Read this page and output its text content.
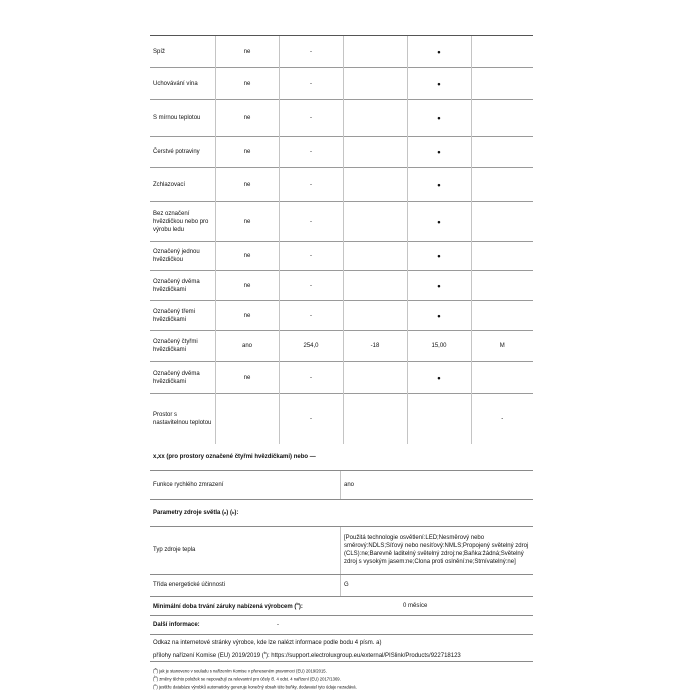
Spíž	ne	-		•	
Uchovávání vína	ne	-		•	
S mírnou teplotou	ne	-		•	
Čerstvé potraviny	ne	-		•	
Zchlazovací	ne	-		•	
Bez označení hvězdičkou nebo pro výrobu ledu	ne	-		•	
Označený jednou hvězdičkou	ne	-		•	
Označený dvěma hvězdičkami	ne	-		•	
Označený třemi hvězdičkami	ne	-		•	
Označený čtyřmi hvězdičkami	ano	254,0	-18	15,00	M
Označený dvěma hvězdičkami	ne	-		•	
Prostor s nastavitelnou teplotou		-			-
x,xx (pro prostory označené čtyřmi hvězdičkami) nebo —
Funkce rychlého zmrazení	ano
Parametry zdroje světla ( a ) ( b ):
Typ zdroje tepla
[Použitá technologie osvětlení:LED;Nesměrový nebo směrový:NDLS;Síťový nebo nesíťový:NMLS;Propojený světelný zdroj (CLS):ne;Barevně laditelný světelný zdroj:ne;Baňka:žádná;Světelný zdroj s vysokým jasem:ne;Clona proti oslnění:ne;Stmívatelný:ne]
Třída energetické účinnosti	G
Minimální doba trvání záruky nabízená výrobcem ($^b$):	0 měsíce
Další informace:	-
Odkaz na internetové stránky výrobce, kde lze nalézt informace podle bodu 4 písm. a)
přílohy nařízení Komise (EU) 2019/2019 ($^b$): https://support.electroluxgroup.eu/external/PISlink/Products/922718123
(a) jak je stanoveno v souladu s nařízením Komise v přeneseném pravomoci (EU) 2019/2015.
(b) změny těchto položek se nepovažují za relevantní pro účely čl. 4 odst. 4 nařízení (EU) 2017/1369.
(c) jestliže databáze výrobků automaticky generuje konečný obsah této buňky, dodavatel tyto údaje nezadává.
